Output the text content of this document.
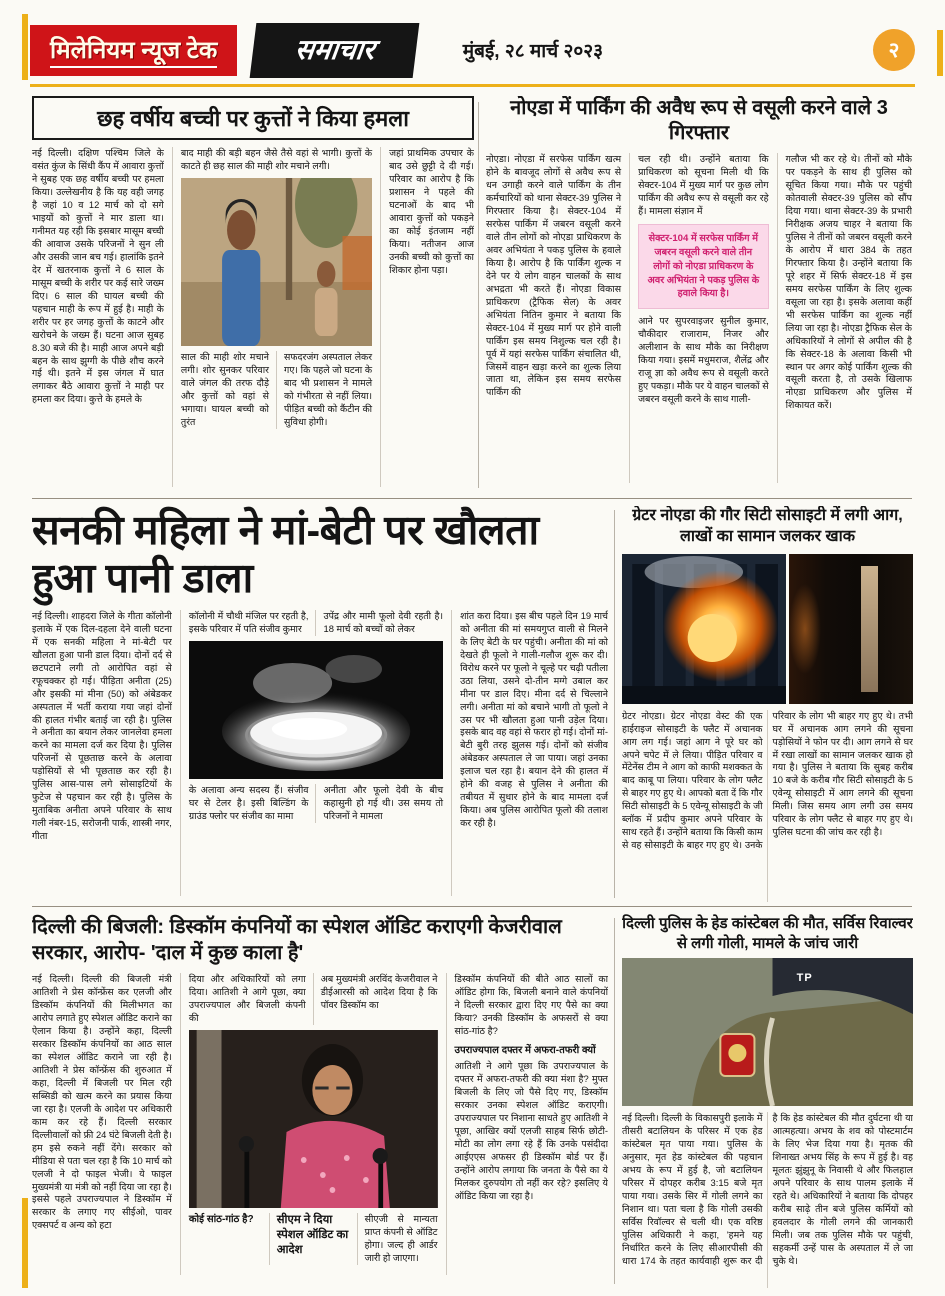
मिलेनियम न्यूज टेक	समाचार	मुंबई, २८ मार्च २०२३	२
छह वर्षीय बच्ची पर कुत्तों ने किया हमला
नई दिल्ली। दक्षिण पश्चिम जिले के वसंत कुंज के सिंधी कैंप में आवारा कुत्तों ने सुबह एक छह वर्षीय बच्ची पर हमला किया। उल्लेखनीय है कि यह वही जगह है जहां 10 व 12 मार्च को दो सगे भाइयों को कुत्तों ने मार डाला था। गनीमत यह रही कि इसबार मासूम बच्ची की आवाज उसके परिजनों ने सुन ली और उसकी जान बच गई। हालांकि इतने देर में खतरनाक कुत्तों ने 6 साल के मासूम बच्ची के शरीर पर कई सारे जख्म दिए। 6 साल की घायल बच्ची की पहचान माही के रूप में हुई है। माही के शरीर पर हर जगह कुत्तों के काटने और खरोचने के जख्म हैं। घटना आज सुबह 8.30 बजे की है। माही आज अपने बड़ी बहन के साथ झुग्गी के पीछे शौच करने गई थी। इतने में इस जंगल में घात लगाकर बैठे आवारा कुत्तों ने माही पर हमला कर दिया। कुत्ते के हमले के
बाद माही की बड़ी बहन जैसे तैसे वहां से भागी। कुत्तों के काटते ही छह साल की माही शोर मचाने लगी।
साल की माही शोर मचाने लगी। शोर सुनकर परिवार वाले जंगल की तरफ दौड़े और कुत्तों को वहां से भगाया। घायल बच्ची को तुरंत
सफदरजंग अस्पताल लेकर गए। कि पहले जो घटना के बाद भी प्रशासन ने मामले को गंभीरता से नहीं लिया। पीड़ित बच्ची को कैंटीन की सुविधा होगी।
जहां प्राथमिक उपचार के बाद उसे छुट्टी दे दी गई। परिवार का आरोप है कि प्रशासन ने पहले की घटनाओं के बाद भी आवारा कुत्तों को पकड़ने का कोई इंतजाम नहीं किया। नतीजन आज उनकी बच्ची को कुत्तों का शिकार होना पड़ा।
नोएडा में पार्किंग की अवैध रूप से वसूली करने वाले 3 गिरफ्तार
नोएडा। नोएडा में सरफेस पार्किंग खत्म होने के बावजूद लोगों से अवैध रूप से धन उगाही करने वाले पार्किंग के तीन कर्मचारियों को थाना सेक्टर-39 पुलिस ने गिरफ्तार किया है। सेक्टर-104 में सरफेस पार्किंग में जबरन वसूली करने वाले तीन लोगों को नोएडा प्राधिकरण के अवर अभियंता ने पकड़ पुलिस के हवाले किया है। आरोप है कि पार्किंग शुल्क न देने पर ये लोग वाहन चालकों के साथ अभद्रता भी करते हैं। नोएडा विकास प्राधिकरण (ट्रैफिक सेल) के अवर अभियंता नितिन कुमार ने बताया कि सेक्टर-104 में मुख्य मार्ग पर होने वाली पार्किंग इस समय निशुल्क चल रही है। पूर्व में यहां सरफेस पार्किंग संचालित थी, जिसमें वाहन खड़ा करने का शुल्क लिया जाता था, लेकिन इस समय सरफेस पार्किंग की
चल रही थी। उन्होंने बताया कि प्राधिकरण को सूचना मिली थी कि सेक्टर-104 में मुख्य मार्ग पर कुछ लोग पार्किंग की अवैध रूप से वसूली कर रहे हैं। मामला संज्ञान में
सेक्टर-104 में सरफेस पार्किंग में जबरन वसूली करने वाले तीन लोगों को नोएडा प्राधिकरण के अवर अभियंता ने पकड़ पुलिस के हवाले किया है।
आने पर सुपरवाइजर सुनील कुमार, चौकीदार राजाराम, निजर और अलीशान के साथ मौके का निरीक्षण किया गया। इसमें मधुमराज, शैलेंद्र और राजू ज्ञा को अवैध रूप से वसूली करते हुए पकड़ा। मौके पर ये वाहन चालकों से जबरन वसूली करने के साथ गाली-
गलौज भी कर रहे थे। तीनों को मौके पर पकड़ने के साथ ही पुलिस को सूचित किया गया। मौके पर पहुंची कोतवाली सेक्टर-39 पुलिस को सौंप दिया गया। थाना सेक्टर-39 के प्रभारी निरीक्षक अजय चाहर ने बताया कि पुलिस ने तीनों को जबरन वसूली करने के आरोप में धारा 384 के तहत गिरफ्तार किया है। उन्होंने बताया कि पूरे शहर में सिर्फ सेक्टर-18 में इस समय सरफेस पार्किंग के लिए शुल्क वसूला जा रहा है। इसके अलावा कहीं भी सरफेस पार्किंग का शुल्क नहीं लिया जा रहा है। नोएडा ट्रैफिक सेल के अधिकारियों ने लोगों से अपील की है कि सेक्टर-18 के अलावा किसी भी स्थान पर अगर कोई पार्किंग शुल्क की वसूली करता है, तो उसके खिलाफ नोएडा प्राधिकरण और पुलिस में शिकायत करें।
सनकी महिला ने मां-बेटी पर खौलता हुआ पानी डाला
नई दिल्ली। शाहदरा जिले के गीता कॉलोनी इलाके में एक दिल-दहला देने वाली घटना में एक सनकी महिला ने मां-बेटी पर खौलता हुआ पानी डाल दिया। दोनों दर्द से छटपटाने लगी तो आरोपित वहां से रफूचक्कर हो गई। पीड़िता अनीता (25) और इसकी मां मीना (50) को अंबेडकर अस्पताल में भर्ती कराया गया जहां दोनों की हालत गंभीर बताई जा रही है। पुलिस ने अनीता का बयान लेकर जानलेवा हमला करने का मामला दर्ज कर दिया है। पुलिस परिजनों से पूछताछ करने के अलावा पड़ोसियों से भी पूछताछ कर रही है। पुलिस आस-पास लगे सोसाइटियों के फुटेज से पहचान कर रही है। पुलिस के मुताबिक अनीता अपने परिवार के साथ गली नंबर-15, सरोजनी पार्क, शास्त्री नगर, गीता
कॉलोनी में चौथी मंजिल पर रहती है, इसके परिवार में पति संजीव कुमार
उपेंद्र और मामी फूलो देवी रहती है। 18 मार्च को बच्चों को लेकर
के अलावा अन्य सदस्य हैं। संजीव घर से टेलर है। इसी बिल्डिंग के ग्राउंड फ्लोर पर संजीव का मामा
अनीता और फूलो देवी के बीच कहासुनी हो गई थी। उस समय तो परिजनों ने मामला
शांत करा दिया। इस बीच पहले दिन 19 मार्च को अनीता की मां समयगुप्त वाली से मिलने के लिए बेटी के घर पहुंची। अनीता की मां को देखते ही फूलो ने गाली-गलौज शुरू कर दी। विरोध करने पर फूलो ने चूल्हे पर चढ़ी पतीला उठा लिया, उसने दो-तीन मग्गे उबाल कर मीना पर डाल दिए। मीना दर्द से चिल्लाने लगी। अनीता मां को बचाने भागी तो फूलो ने उस पर भी खौलता हुआ पानी उड़ेल दिया। इसके बाद वह वहां से फरार हो गई। दोनों मां-बेटी बुरी तरह झुलस गई। दोनों को संजीव अंबेडकर अस्पताल ले जा पाया। जहां उनका इलाज चल रहा है। बयान देने की हालत में होने की वजह से पुलिस ने अनीता की तबीयत में सुधार होने के बाद मामला दर्ज किया। अब पुलिस आरोपित फूलो की तलाश कर रही है।
ग्रेटर नोएडा की गौर सिटी सोसाइटी में लगी आग, लाखों का सामान जलकर खाक
ग्रेटर नोएडा। ग्रेटर नोएडा वेस्ट की एक हाईराइज सोसाइटी के फ्लैट में अचानक आग लग गई। जहां आग ने पूरे घर को अपने चपेट में ले लिया। पीड़ित परिवार व मेंटेनेंस टीम ने आग को काफी मशक्कत के बाद काबू पा लिया। परिवार के लोग फ्लैट से बाहर गए हुए थे। आपको बता दें कि गौर सिटी सोसाइटी के 5 एवेन्यू सोसाइटी के जी ब्लॉक में प्रदीप कुमार अपने परिवार के साथ रहते हैं। उन्होंने बताया कि किसी काम से वह सोसाइटी के बाहर गए हुए थे। उनके परिवार के लोग भी बाहर गए हुए थे। तभी घर में अचानक आग लगने की सूचना पड़ोसियों ने फोन पर दी। आग लगने से घर में रखा लाखों का सामान जलकर खाक हो गया है। पुलिस ने बताया कि सुबह करीब 10 बजे के करीब गौर सिटी सोसाइटी के 5 एवेन्यू सोसाइटी में आग लगने की सूचना मिली। जिस समय आग लगी उस समय परिवार के लोग फ्लैट से बाहर गए हुए थे। पुलिस घटना की जांच कर रही है।
दिल्ली की बिजली: डिस्कॉम कंपनियों का स्पेशल ऑडिट कराएगी केजरीवाल सरकार, आरोप- 'दाल में कुछ काला है'
नई दिल्ली। दिल्ली की बिजली मंत्री आतिशी ने प्रेस कॉन्फ्रेंस कर एलजी और डिस्कॉम कंपनियों की मिलीभगत का आरोप लगाते हुए स्पेशल ऑडिट कराने का ऐलान किया है। उन्होंने कहा, दिल्ली सरकार डिस्कॉम कंपनियों का आठ साल का स्पेशल ऑडिट कराने जा रही है। आतिशी ने प्रेस कॉन्फ्रेंस की शुरुआत में कहा, दिल्ली में बिजली पर मिल रही सब्सिडी को खत्म करने का प्रयास किया जा रहा है। एलजी के आदेश पर अधिकारी काम कर रहे हैं। दिल्ली सरकार दिल्लीवालों को फ्री 24 घंटे बिजली देती है। हम इसे रुकने नहीं देंगे। सरकार को मीडिया से पता चल रहा है कि 10 मार्च को एलजी ने दो फाइल भेजी। ये फाइल मुख्यमंत्री या मंत्री को नहीं दिया जा रहा है। इससे पहले उपराज्यपाल ने डिस्कॉम में सरकार के लगाए गए सीईओ, पावर एक्सपर्ट व अन्य को हटा
दिया और अधिकारियों को लगा दिया। आतिशी ने आगे पूछा, क्या उपराज्यपाल और बिजली कंपनी की
अब मुख्यमंत्री अरविंद केजरीवाल ने डीईआरसी को आदेश दिया है कि पॉवर डिस्कॉम का
कोई सांठ-गांठ है?	सीएम ने दिया स्पेशल ऑडिट का आदेश
सीएजी से मान्यता प्राप्त कंपनी से ऑडिट होगा। जल्द ही आर्डर जारी हो जाएगा।
डिस्कॉम कंपनियों की बीते आठ सालों का ऑडिट होगा कि, बिजली बनाने वाले कंपनियों ने दिल्ली सरकार द्वारा दिए गए पैसे का क्या किया? उनकी डिस्कॉम के अफसरों से क्या सांठ-गांठ है?
उपराज्यपाल दफ्तर में अफरा-तफरी क्यों
आतिशी ने आगे पूछा कि उपराज्यपाल के दफ्तर में अफरा-तफरी की क्या मंशा है? मुफ्त बिजली के लिए जो पैसे दिए गए, डिस्कॉम सरकार उनका स्पेशल ऑडिट कराएगी। उपराज्यपाल पर निशाना साधते हुए आतिशी ने पूछा, आखिर क्यों एलजी साहब सिर्फ छोटी-मोटी का लोग लगा रहे हैं कि उनके पसंदीदा आईएएस अफसर ही डिस्कॉम बोर्ड पर हैं। उन्होंने आरोप लगाया कि जनता के पैसे का ये मिलकर दुरुपयोग तो नहीं कर रहे? इसलिए ये ऑडिट किया जा रहा है।
दिल्ली पुलिस के हेड कांस्टेबल की मौत, सर्विस रिवाल्वर से लगी गोली, मामले के जांच जारी
TP
नई दिल्ली। दिल्ली के विकासपुरी इलाके में तीसरी बटालियन के परिसर में एक हेड कांस्टेबल मृत पाया गया। पुलिस के अनुसार, मृत हेड कांस्टेबल की पहचान अभय के रूप में हुई है, जो बटालियन परिसर में दोपहर करीब 3:15 बजे मृत पाया गया। उसके सिर में गोली लगने का निशान था। पता चला है कि गोली उसकी सर्विस रिवॉल्वर से चली थी। एक वरिष्ठ पुलिस अधिकारी ने कहा, 'हमने यह निर्धारित करने के लिए सीआरपीसी की धारा 174 के तहत कार्यवाही शुरू कर दी है कि हेड कांस्टेबल की मौत दुर्घटना थी या आत्महत्या। अभय के शव को पोस्टमार्टम के लिए भेज दिया गया है। मृतक की शिनाख्त अभय सिंह के रूप में हुई है। वह मूलतः झुंझुनू के निवासी थे और फिलहाल अपने परिवार के साथ पालम इलाके में रहते थे। अधिकारियों ने बताया कि दोपहर करीब साढ़े तीन बजे पुलिस कर्मियों को हवलदार के गोली लगने की जानकारी मिली। जब तक पुलिस मौके पर पहुंची, सहकर्मी उन्हें पास के अस्पताल में ले जा चुके थे।
